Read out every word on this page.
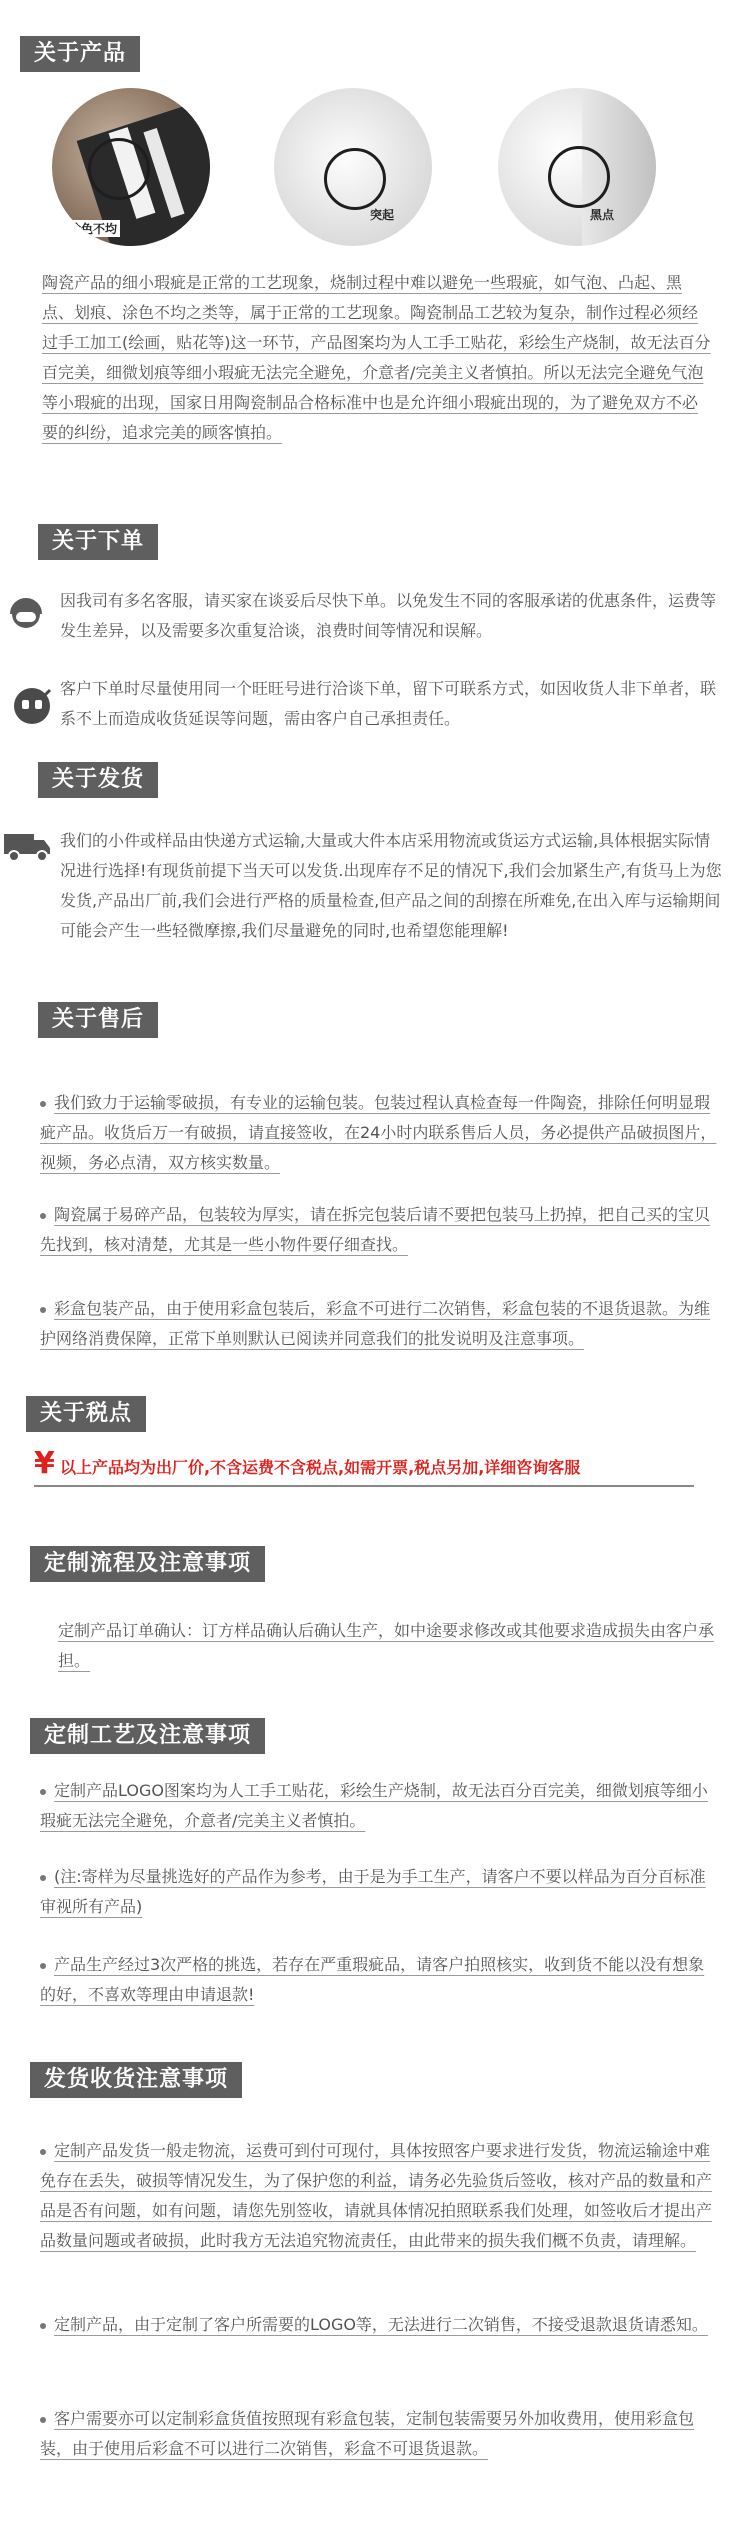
关于产品
涂色不均
突起	黑点
陶瓷产品的细小瑕疵是正常的工艺现象，烧制过程中难以避免一些瑕疵，如气泡、凸起、黑点、划痕、涂色不均之类等，属于正常的工艺现象。陶瓷制品工艺较为复杂，制作过程必须经过手工加工(绘画，贴花等)这一环节，产品图案均为人工手工贴花，彩绘生产烧制，故无法百分百完美，细微划痕等细小瑕疵无法完全避免，介意者/完美主义者慎拍。所以无法完全避免气泡等小瑕疵的出现，国家日用陶瓷制品合格标准中也是允许细小瑕疵出现的，为了避免双方不必要的纠纷，追求完美的顾客慎拍。
关于下单
因我司有多名客服，请买家在谈妥后尽快下单。以免发生不同的客服承诺的优惠条件，运费等发生差异，以及需要多次重复洽谈，浪费时间等情况和误解。
客户下单时尽量使用同一个旺旺号进行洽谈下单，留下可联系方式，如因收货人非下单者，联系不上而造成收货延误等问题，需由客户自己承担责任。
关于发货
我们的小件或样品由快递方式运输,大量或大件本店采用物流或货运方式运输,具体根据实际情况进行选择!有现货前提下当天可以发货.出现库存不足的情况下,我们会加紧生产,有货马上为您发货,产品出厂前,我们会进行严格的质量检查,但产品之间的刮擦在所难免,在出入库与运输期间可能会产生一些轻微摩擦,我们尽量避免的同时,也希望您能理解!
关于售后
我们致力于运输零破损，有专业的运输包装。包装过程认真检查每一件陶瓷，排除任何明显瑕疵产品。收货后万一有破损，请直接签收，在24小时内联系售后人员，务必提供产品破损图片，视频，务必点清，双方核实数量。
陶瓷属于易碎产品，包装较为厚实，请在拆完包装后请不要把包装马上扔掉，把自己买的宝贝先找到，核对清楚，尤其是一些小物件要仔细查找。
彩盒包装产品，由于使用彩盒包装后，彩盒不可进行二次销售，彩盒包装的不退货退款。为维护网络消费保障，正常下单则默认已阅读并同意我们的批发说明及注意事项。
关于税点
¥ 以上产品均为出厂价,不含运费不含税点,如需开票,税点另加,详细咨询客服
定制流程及注意事项
定制产品订单确认：订方样品确认后确认生产，如中途要求修改或其他要求造成损失由客户承担。
定制工艺及注意事项
定制产品LOGO图案均为人工手工贴花，彩绘生产烧制，故无法百分百完美，细微划痕等细小瑕疵无法完全避免，介意者/完美主义者慎拍。
(注:寄样为尽量挑选好的产品作为参考，由于是为手工生产，请客户不要以样品为百分百标准审视所有产品)
产品生产经过3次严格的挑选，若存在严重瑕疵品，请客户拍照核实，收到货不能以没有想象的好，不喜欢等理由申请退款!
发货收货注意事项
定制产品发货一般走物流，运费可到付可现付，具体按照客户要求进行发货，物流运输途中难免存在丢失，破损等情况发生，为了保护您的利益，请务必先验货后签收，核对产品的数量和产品是否有问题，如有问题，请您先别签收，请就具体情况拍照联系我们处理，如签收后才提出产品数量问题或者破损，此时我方无法追究物流责任，由此带来的损失我们概不负责，请理解。
定制产品，由于定制了客户所需要的LOGO等，无法进行二次销售，不接受退款退货请悉知。
客户需要亦可以定制彩盒货值按照现有彩盒包装，定制包装需要另外加收费用，使用彩盒包装，由于使用后彩盒不可以进行二次销售，彩盒不可退货退款。
